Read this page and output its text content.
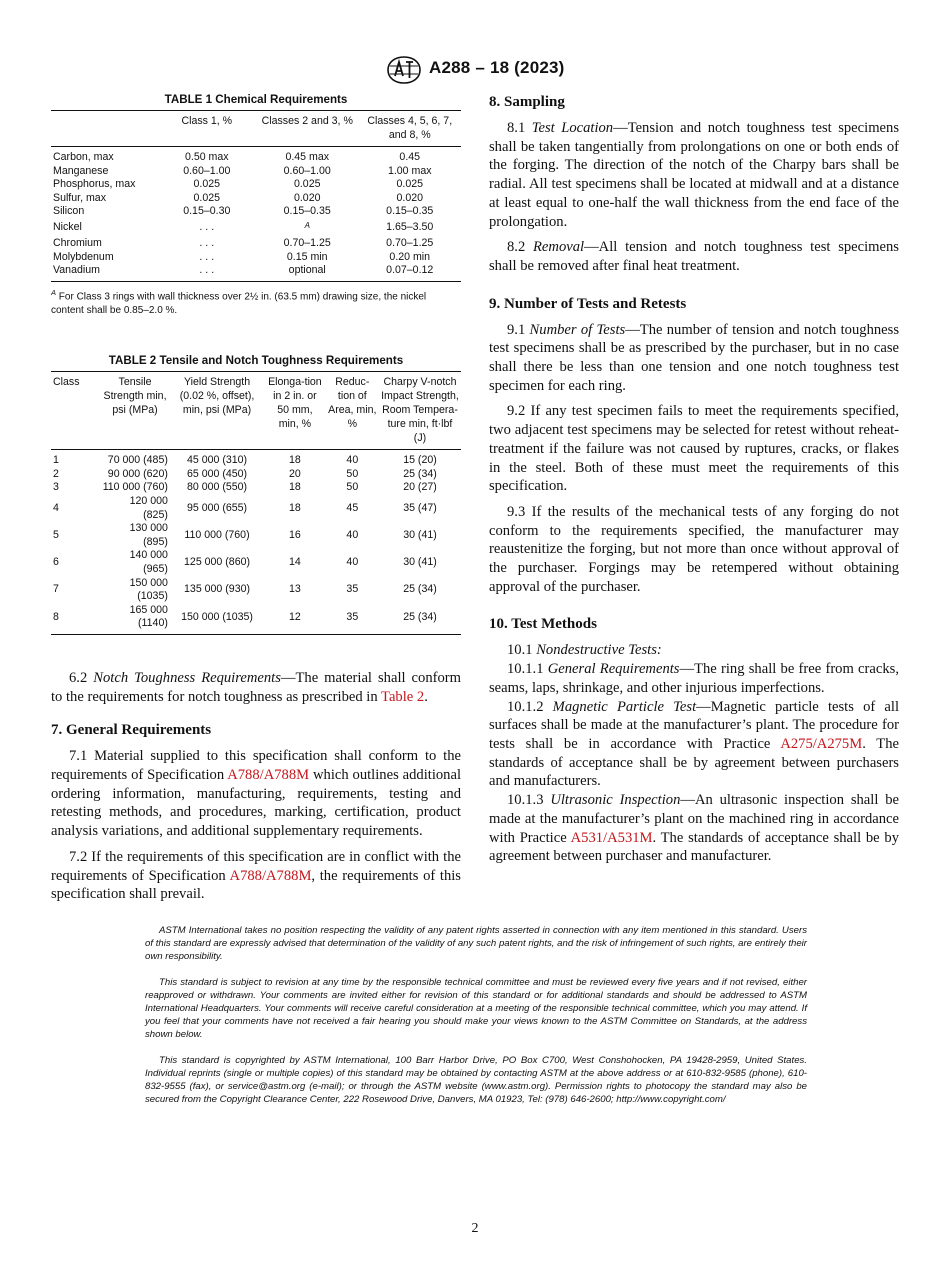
A288 – 18 (2023)

TABLE 1 Chemical Requirements

	Class 1, %	Classes 2 and 3, %	Classes 4, 5, 6, 7, and 8, %
Carbon, max	0.50 max	0.45 max	0.45
Manganese	0.60–1.00	0.60–1.00	1.00 max
Phosphorus, max	0.025	0.025	0.025
Sulfur, max	0.025	0.020	0.020
Silicon	0.15–0.30	0.15–0.35	0.15–0.35
Nickel	. . .	$^A$	1.65–3.50
Chromium	. . .	0.70–1.25	0.70–1.25
Molybdenum	. . .	0.15 min	0.20 min
Vanadium	. . .	optional	0.07–0.12

$^A$ For Class 3 rings with wall thickness over 2½ in. (63.5 mm) drawing size, the nickel content shall be 0.85–2.0 %.

TABLE 2 Tensile and Notch Toughness Requirements

Class	Tensile Strength min, psi (MPa)	Yield Strength (0.02 %, offset), min, psi (MPa)	Elonga-tion in 2 in. or 50 mm, min, %	Reduc-tion of Area, min, %	Charpy V-notch Impact Strength, Room Tempera-ture min, ft·lbf (J)
1	70 000 (485)	45 000 (310)	18	40	15 (20)
2	90 000 (620)	65 000 (450)	20	50	25 (34)
3	110 000 (760)	80 000 (550)	18	50	20 (27)
4	120 000 (825)	95 000 (655)	18	45	35 (47)
5	130 000 (895)	110 000 (760)	16	40	30 (41)
6	140 000 (965)	125 000 (860)	14	40	30 (41)
7	150 000 (1035)	135 000 (930)	13	35	25 (34)
8	165 000 (1140)	150 000 (1035)	12	35	25 (34)

6.2 Notch Toughness Requirements—The material shall conform to the requirements for notch toughness as prescribed in Table 2.

7. General Requirements

7.1 Material supplied to this specification shall conform to the requirements of Specification A788/A788M which outlines additional ordering information, manufacturing, requirements, testing and retesting methods, and procedures, marking, certification, product analysis variations, and additional supplementary requirements.

7.2 If the requirements of this specification are in conflict with the requirements of Specification A788/A788M, the requirements of this specification shall prevail.

8. Sampling

8.1 Test Location—Tension and notch toughness test specimens shall be taken tangentially from prolongations on one or both ends of the forging. The direction of the notch of the Charpy bars shall be radial. All test specimens shall be located at midwall and at a distance at least equal to one-half the wall thickness from the end face of the prolongation.

8.2 Removal—All tension and notch toughness test specimens shall be removed after final heat treatment.

9. Number of Tests and Retests

9.1 Number of Tests—The number of tension and notch toughness test specimens shall be as prescribed by the purchaser, but in no case shall there be less than one tension and one notch toughness test specimen for each ring.

9.2 If any test specimen fails to meet the requirements specified, two adjacent test specimens may be selected for retest without reheat-treatment if the failure was not caused by ruptures, cracks, or flakes in the steel. Both of these must meet the requirements of this specification.

9.3 If the results of the mechanical tests of any forging do not conform to the requirements specified, the manufacturer may reaustenitize the forging, but not more than once without approval of the purchaser. Forgings may be retempered without obtaining approval of the purchaser.

10. Test Methods

10.1 Nondestructive Tests:

10.1.1 General Requirements—The ring shall be free from cracks, seams, laps, shrinkage, and other injurious imperfections.

10.1.2 Magnetic Particle Test—Magnetic particle tests of all surfaces shall be made at the manufacturer’s plant. The procedure for tests shall be in accordance with Practice A275/A275M. The standards of acceptance shall be by agreement between purchasers and manufacturers.

10.1.3 Ultrasonic Inspection—An ultrasonic inspection shall be made at the manufacturer’s plant on the machined ring in accordance with Practice A531/A531M. The standards of acceptance shall be by agreement between purchaser and manufacturer.

ASTM International takes no position respecting the validity of any patent rights asserted in connection with any item mentioned in this standard. Users of this standard are expressly advised that determination of the validity of any such patent rights, and the risk of infringement of such rights, are entirely their own responsibility.

This standard is subject to revision at any time by the responsible technical committee and must be reviewed every five years and if not revised, either reapproved or withdrawn. Your comments are invited either for revision of this standard or for additional standards and should be addressed to ASTM International Headquarters. Your comments will receive careful consideration at a meeting of the responsible technical committee, which you may attend. If you feel that your comments have not received a fair hearing you should make your views known to the ASTM Committee on Standards, at the address shown below.

This standard is copyrighted by ASTM International, 100 Barr Harbor Drive, PO Box C700, West Conshohocken, PA 19428-2959, United States. Individual reprints (single or multiple copies) of this standard may be obtained by contacting ASTM at the above address or at 610-832-9585 (phone), 610-832-9555 (fax), or service@astm.org (e-mail); or through the ASTM website (www.astm.org). Permission rights to photocopy the standard may also be secured from the Copyright Clearance Center, 222 Rosewood Drive, Danvers, MA 01923, Tel: (978) 646-2600; http://www.copyright.com/

2
